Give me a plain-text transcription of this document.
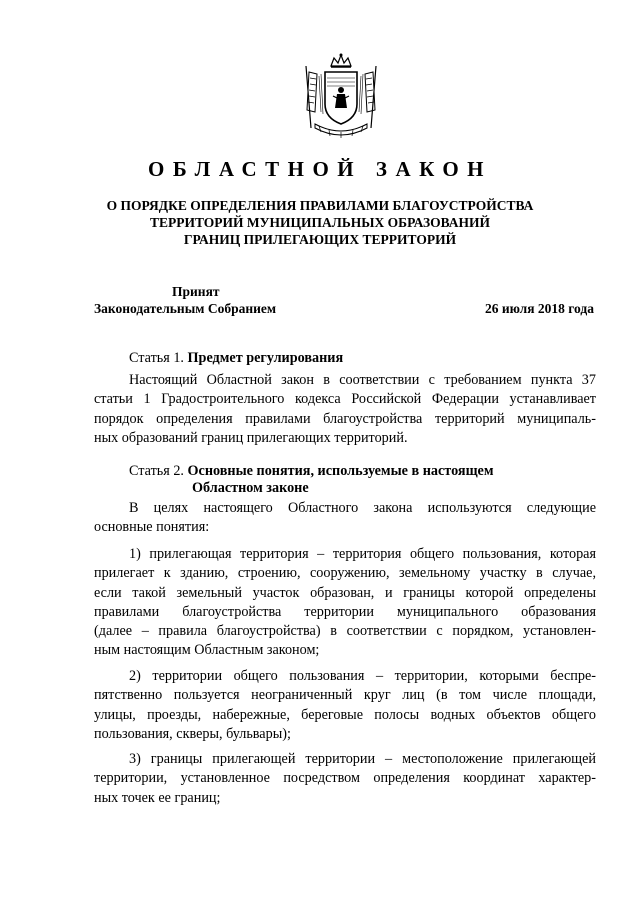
ОБЛАСТНОЙ ЗАКОН
О ПОРЯДКЕ ОПРЕДЕЛЕНИЯ ПРАВИЛАМИ БЛАГОУСТРОЙСТВА
ТЕРРИТОРИЙ МУНИЦИПАЛЬНЫХ ОБРАЗОВАНИЙ
ГРАНИЦ ПРИЛЕГАЮЩИХ ТЕРРИТОРИЙ
Принят
Законодательным Собранием	26 июля 2018 года
Статья 1. Предмет регулирования
Настоящий Областной закон в соответствии с требованием пункта 37
статьи 1 Градостроительного кодекса Российской Федерации устанавливает
порядок определения правилами благоустройства территорий муниципаль-
ных образований границ прилегающих территорий.
Статья 2. Основные понятия, используемые в настоящем
Областном законе
В целях настоящего Областного закона используются следующие
основные понятия:
1) прилегающая территория – территория общего пользования, которая
прилегает к зданию, строению, сооружению, земельному участку в случае,
если такой земельный участок образован, и границы которой определены
правилами благоустройства территории муниципального образования
(далее – правила благоустройства) в соответствии с порядком, установлен-
ным настоящим Областным законом;
2) территории общего пользования – территории, которыми беспре-
пятственно пользуется неограниченный круг лиц (в том числе площади,
улицы, проезды, набережные, береговые полосы водных объектов общего
пользования, скверы, бульвары);
3) границы прилегающей территории – местоположение прилегающей
территории, установленное посредством определения координат характер-
ных точек ее границ;
